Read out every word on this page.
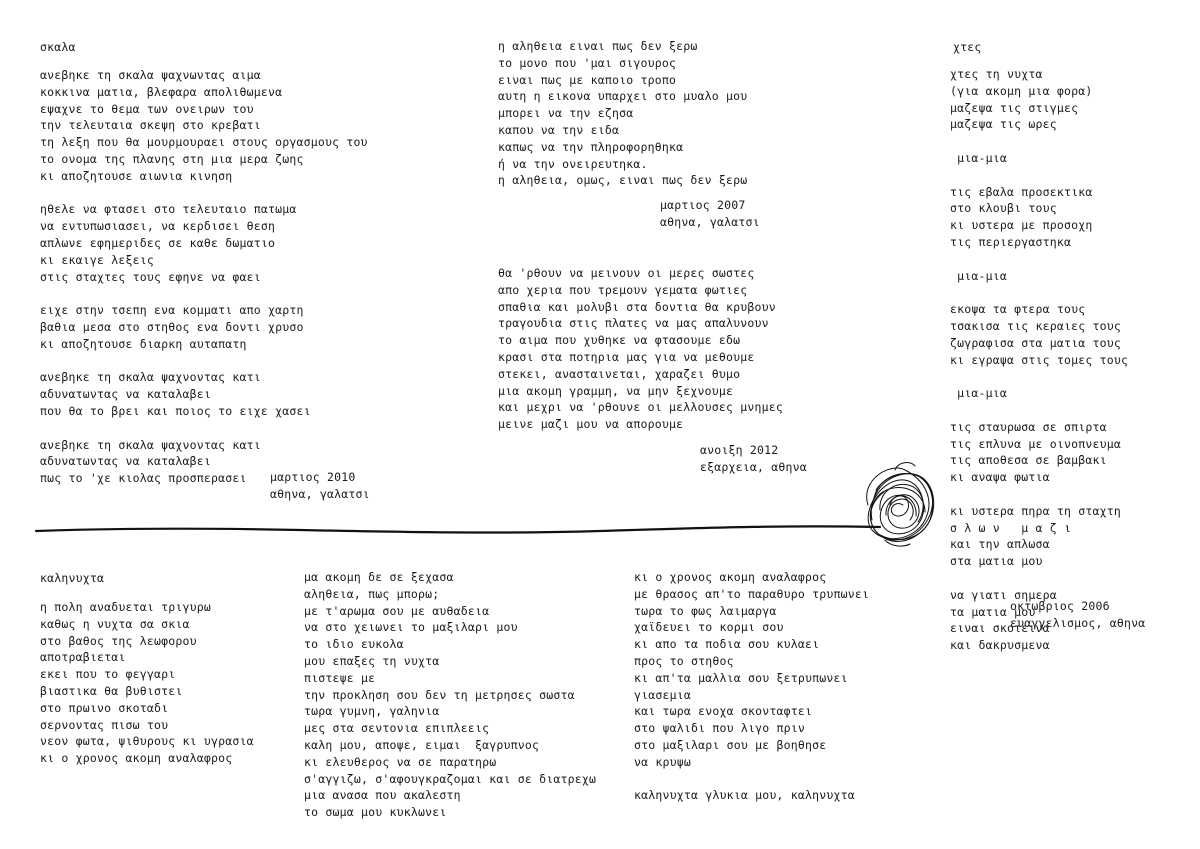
σκαλα
ανεβηκε τη σκαλα ψαχνωντας αιμα
κοκκινα ματια, βλεφαρα απολιθωμενα
εψαχνε το θεμα των ονειρων του
την τελευταια σκεψη στο κρεβατι
τη λεξη που θα μουρμουραει στους οργασμους του
το ονομα της πλανης στη μια μερα ζωης
κι αποζητουσε αιωνια κινηση

ηθελε να φτασει στο τελευταιο πατωμα
να εντυπωσιασει, να κερδισει θεση
απλωνε εφημεριδες σε καθε δωματιο
κι εκαιγε λεξεις
στις σταχτες τους εφηνε να φαει

ειχε στην τσεπη ενα κομματι απο χαρτη
βαθια μεσα στο στηθος ενα δοντι χρυσο
κι αποζητουσε διαρκη αυταπατη

ανεβηκε τη σκαλα ψαχνοντας κατι
αδυνατωντας να καταλαβει
που θα το βρει και ποιος το ειχε χασει

ανεβηκε τη σκαλα ψαχνοντας κατι
αδυνατωντας να καταλαβει
πως το 'χε κιολας προσπερασει	μαρτιος 2010
αθηνα, γαλατσι
η αληθεια ειναι πως δεν ξερω
το μονο που 'μαι σιγουρος
ειναι πως με καποιο τροπο
αυτη η εικονα υπαρχει στο μυαλο μου
μπορει να την εζησα
καπου να την ειδα
καπως να την πληροφορηθηκα
ή να την ονειρευτηκα.
η αληθεια, ομως, ειναι πως δεν ξερω
μαρτιος 2007
αθηνα, γαλατσι
θα 'ρθουν να μεινουν οι μερες σωστες
απο χερια που τρεμουν γεματα φωτιες
σπαθια και μολυβι στα δοντια θα κρυβουν
τραγουδια στις πλατες να μας απαλυνουν
το αιμα που χυθηκε να φτασουμε εδω
κρασι στα ποτηρια μας για να μεθουμε
στεκει, ανασταινεται, χαραζει θυμο
μια ακομη γραμμη, να μην ξεχνουμε
και μεχρι να 'ρθουνε οι μελλουσες μνημες
μεινε μαζι μου να απορουμε
ανοιξη 2012
εξαρχεια, αθηνα
χτες
χτες τη νυχτα
(για ακομη μια φορα)
μαζεψα τις στιγμες
μαζεψα τις ωρες

μια-μια

τις εβαλα προσεκτικα
στο κλουβι τους
κι υστερα με προσοχη
τις περιεργαστηκα

μια-μια

εκοψα τα φτερα τους
τσακισα τις κεραιες τους
ζωγραφισα στα ματια τους
κι εγραψα στις τομες τους

μια-μια

τις σταυρωσα σε σπιρτα
τις επλυνα με οινοπνευμα
τις αποθεσα σε βαμβακι
κι αναψα φωτια

κι υστερα πηρα τη σταχτη
σ λ ω ν   μ α ζ ι
και την απλωσα
στα ματια μου

να γιατι σημερα
τα ματια μου
ειναι σκοτεινα
και δακρυσμενα
οκτωβριος 2006
ευαγγελισμος, αθηνα
καληνυχτα
η πολη αναδυεται τριγυρω
καθως η νυχτα σα σκια
στο βαθος της λεωφορου
αποτραβιεται
εκει που το φεγγαρι
βιαστικα θα βυθιστει
στο πρωινο σκοταδι
σερνοντας πισω του
νεον φωτα, ψιθυρους κι υγρασια
κι ο χρονος ακομη αναλαφρος
μα ακομη δε σε ξεχασα
αληθεια, πως μπορω;
με τ'αρωμα σου με αυθαδεια
να στο χειωνει το μαξιλαρι μου
το ιδιο ευκολα
μου επαξες τη νυχτα
πιστεψε με
την προκληση σου δεν τη μετρησες σωστα
τωρα γυμνη, γαληνια
μες στα σεντονια επιπλεεις
καλη μου, αποψε, ειμαι  ξαγρυπνος
κι ελευθερος να σε παρατηρω
σ'αγγιζω, σ'αφουγκραζομαι και σε διατρεχω
μια ανασα που ακαλεστη
το σωμα μου κυκλωνει
κι ο χρονος ακομη αναλαφρος
με θρασος απ'το παραθυρο τρυπωνει
τωρα το φως λαιμαργα
χαϊδευει το κορμι σου
κι απο τα ποδια σου κυλαει
προς το στηθος
κι απ'τα μαλλια σου ξετρυπωνει
γιασεμια
και τωρα ενοχα σκονταφτει
στο ψαλιδι που λιγο πριν
στο μαξιλαρι σου με βοηθησε
να κρυψω

καληνυχτα γλυκια μου, καληνυχτα
